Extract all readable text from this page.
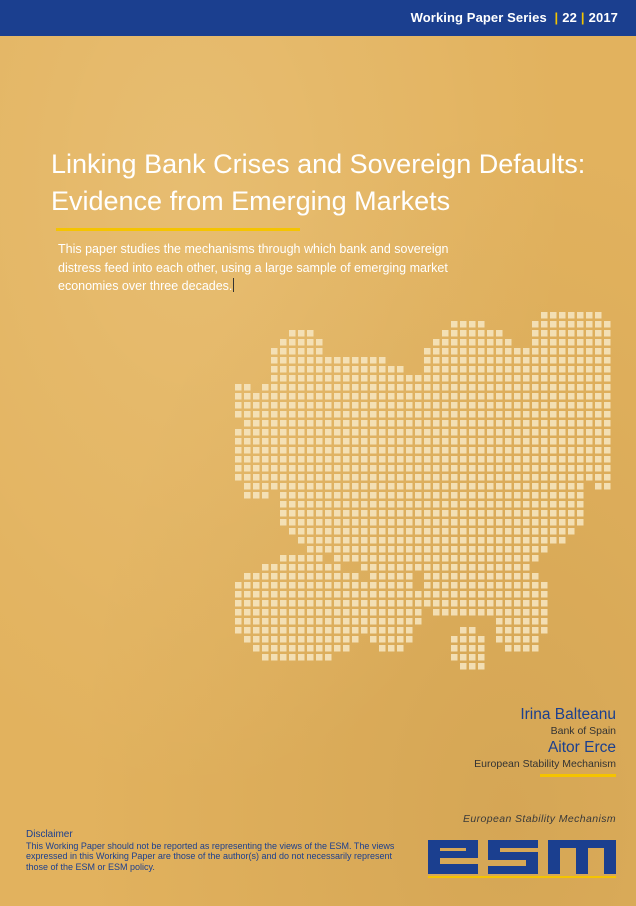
Working Paper Series | 22 | 2017
Linking Bank Crises and Sovereign Defaults:
Evidence from Emerging Markets
This paper studies the mechanisms through which bank and sovereign distress feed into each other, using a large sample of emerging market economies over three decades.
Irina Balteanu
Bank of Spain
Aitor Erce
European Stability Mechanism
Disclaimer
This Working Paper should not be reported as representing the views of the ESM. The views expressed in this Working Paper are those of the author(s) and do not necessarily represent those of the ESM or ESM policy.
European Stability Mechanism
